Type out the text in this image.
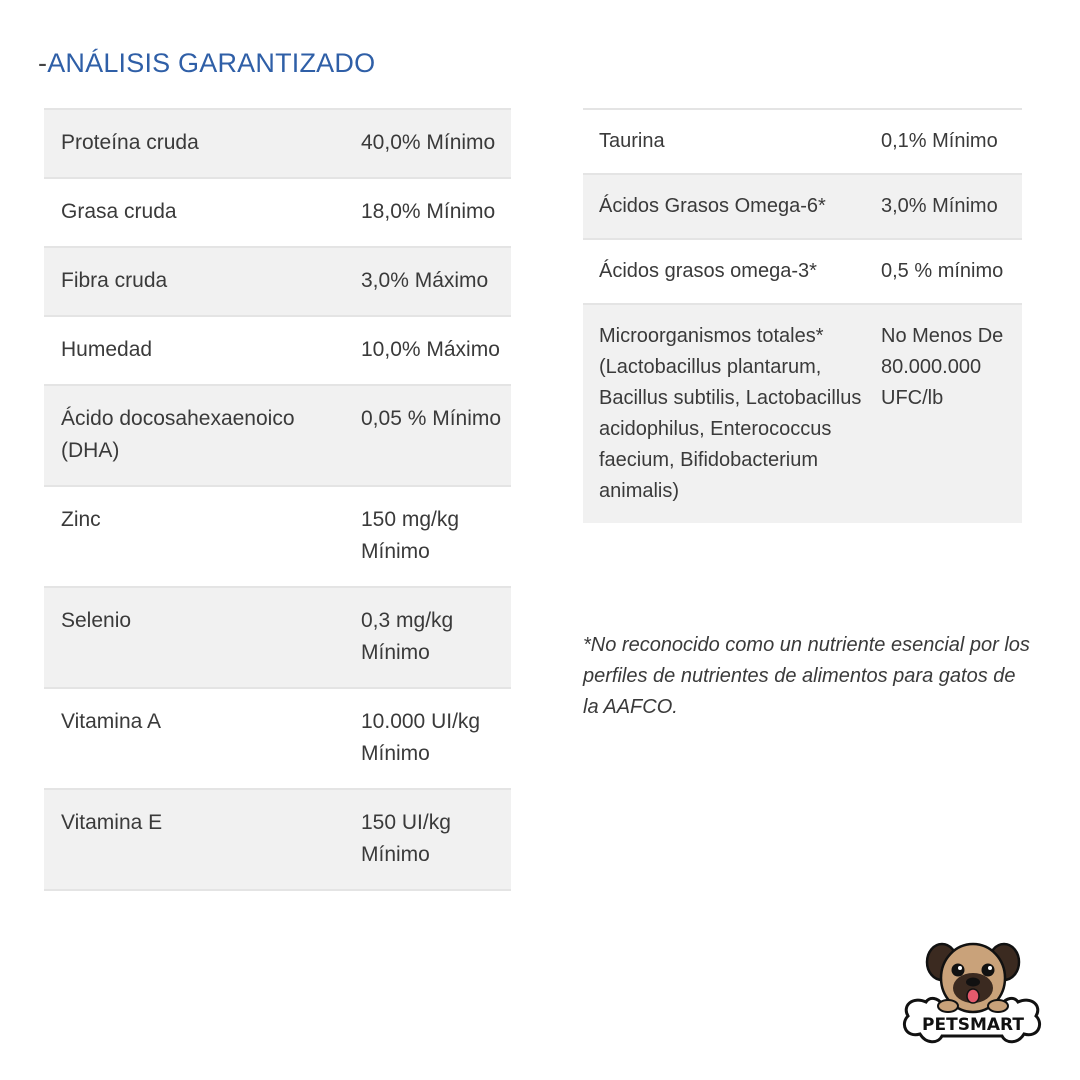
-ANÁLISIS GARANTIZADO
Proteína cruda	40,0% Mínimo
Grasa cruda	18,0% Mínimo
Fibra cruda	3,0% Máximo
Humedad	10,0% Máximo
Ácido docosahexaenoico (DHA)	0,05 % Mínimo
Zinc	150 mg/kg Mínimo
Selenio	0,3 mg/kg Mínimo
Vitamina A	10.000 UI/kg Mínimo
Vitamina E	150 UI/kg Mínimo
Taurina	0,1% Mínimo
Ácidos Grasos Omega-6*	3,0% Mínimo
Ácidos grasos omega-3*	0,5 % mínimo
Microorganismos totales* (Lactobacillus plantarum, Bacillus subtilis, Lactobacillus acidophilus, Enterococcus faecium, Bifidobacterium animalis)	No Menos De 80.000.000 UFC/lb

*No reconocido como un nutriente esencial por los perfiles de nutrientes de alimentos para gatos de la AAFCO.

PETSMART
